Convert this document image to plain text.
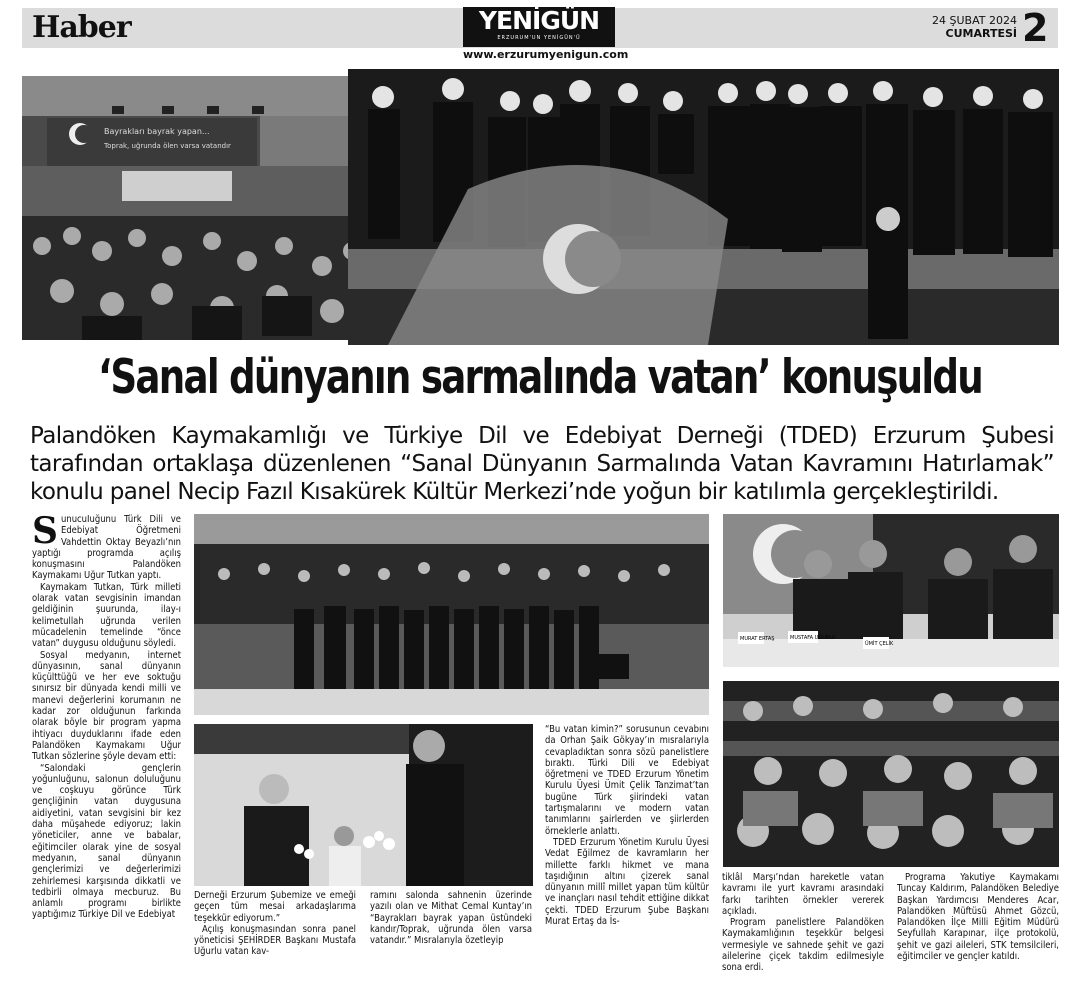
Haber	YENİGÜN
ERZURUM'UN YENİGÜN'Ü
www.erzurumyenigun.com
24 ŞUBAT 2024
CUMARTESİ 2
Bayrakları bayrak yapan...
Toprak, uğrunda ölen varsa vatandır
‘Sanal dünyanın sarmalında vatan’ konuşuldu

Palandöken Kaymakamlığı ve Türkiye Dil ve Edebiyat Derneği (TDED) Erzurum Şubesi tarafından ortaklaşa düzenlenen “Sanal Dünyanın Sarmalında Vatan Kavramını Hatırlamak” konulu panel Necip Fazıl Kısakürek Kültür Merkezi’nde yoğun bir katılımla gerçekleştirildi.

MURAT ERTAŞ	MUSTAFA UĞURLU
ÜMİT ÇELİK

SunucuIuğunu Türk Dili ve Edebiyat Öğretmeni Vahdettin Oktay Beyazlı’nın yaptığı programda açılış konuşmasını Palandöken Kaymakamı Uğur Tutkan yaptı.

Kaymakam Tutkan, Türk milleti olarak vatan sevgisinin imandan geldiğinin şuurunda, ilay-ı kelimetullah uğrunda verilen mücadelenin temelinde “önce vatan” duygusu olduğunu söyledi.

Sosyal medyanın, internet dünyasının, sanal dünyanın küçülttüğü ve her eve soktuğu sınırsız bir dünyada kendi milli ve manevi değerlerini korumanın ne kadar zor olduğunun farkında olarak böyle bir program yapma ihtiyacı duyduklarını ifade eden Palandöken Kaymakamı Uğur Tutkan sözlerine şöyle devam etti:

“Salondaki gençlerin yoğunluğunu, salonun doluluğunu ve coşkuyu görünce Türk gençliğinin vatan duygusuna aidiyetini, vatan sevgisini bir kez daha müşahede ediyoruz; lakin yöneticiler, anne ve babalar, eğitimciler olarak yine de sosyal medyanın, sanal dünyanın gençlerimizi ve değerlerimizi zehirlemesi karşısında dikkatli ve tedbirli olmaya mecburuz. Bu anlamlı programı birlikte yaptığımız Türkiye Dil ve Edebiyat

Derneği Erzurum Şubemize ve emeği geçen tüm mesai arkadaşlarıma teşekkür ediyorum.”

Açılış konuşmasından sonra panel yöneticisi ŞEHİRDER Başkanı Mustafa Uğurlu vatan kav-

ramını salonda sahnenin üzerinde yazılı olan ve Mithat Cemal Kuntay’ın “Bayrakları bayrak yapan üstündeki kandır/Toprak, uğrunda ölen varsa vatandır.” Mısralarıyla özetleyip

“Bu vatan kimin?” sorusunun cevabını da Orhan Şaik Gökyay’ın mısralarıyla cevapladıktan sonra sözü panelistlere bıraktı. Türki Dili ve Edebiyat öğretmeni ve TDED Erzurum Yönetim Kurulu Üyesi Ümit Çelik Tanzimat’tan bugüne Türk şiirindeki vatan tartışmalarını ve modern vatan tanımlarını şairlerden ve şiirlerden örneklerle anlattı.

TDED Erzurum Yönetim Kurulu Üyesi Vedat Eğilmez de kavramların her millette farklı hikmet ve mana taşıdığının altını çizerek sanal dünyanın millî millet yapan tüm kültür ve inançları nasıl tehdit ettiğine dikkat çekti. TDED Erzurum Şube Başkanı Murat Ertaş da İs-

tiklâl Marşı’ndan hareketle vatan kavramı ile yurt kavramı arasındaki farkı tarihten örnekler vererek açıkladı.

Program panelistlere Palandöken Kaymakamlığının teşekkür belgesi vermesiyle ve sahnede şehit ve gazi ailelerine çiçek takdim edilmesiyle sona erdi.

Programa Yakutiye Kaymakamı Tuncay Kaldırım, Palandöken Belediye Başkan Yardımcısı Menderes Acar, Palandöken Müftüsü Ahmet Gözcü, Palandöken İlçe Milli Eğitim Müdürü Seyfullah Karapınar, ilçe protokolü, şehit ve gazi aileleri, STK temsilcileri, eğitimciler ve gençler katıldı.
